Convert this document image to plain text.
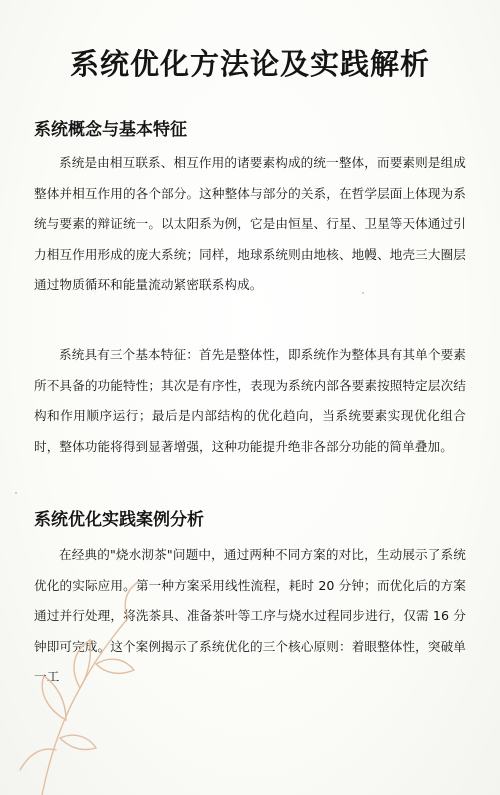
系统优化方法论及实践解析
系统概念与基本特征

系统是由相互联系、相互作用的诸要素构成的统一整体，而要素则是组成整体并相互作用的各个部分。这种整体与部分的关系，在哲学层面上体现为系统与要素的辩证统一。以太阳系为例，它是由恒星、行星、卫星等天体通过引力相互作用形成的庞大系统；同样，地球系统则由地核、地幔、地壳三大圈层通过物质循环和能量流动紧密联系构成。

系统具有三个基本特征：首先是整体性，即系统作为整体具有其单个要素所不具备的功能特性；其次是有序性，表现为系统内部各要素按照特定层次结构和作用顺序运行；最后是内部结构的优化趋向，当系统要素实现优化组合时，整体功能将得到显著增强，这种功能提升绝非各部分功能的简单叠加。

系统优化实践案例分析

在经典的"烧水沏茶"问题中，通过两种不同方案的对比，生动展示了系统优化的实际应用。第一种方案采用线性流程，耗时 20 分钟；而优化后的方案通过并行处理，将洗茶具、准备茶叶等工序与烧水过程同步进行，仅需 16 分钟即可完成。这个案例揭示了系统优化的三个核心原则：着眼整体性，突破单一工
